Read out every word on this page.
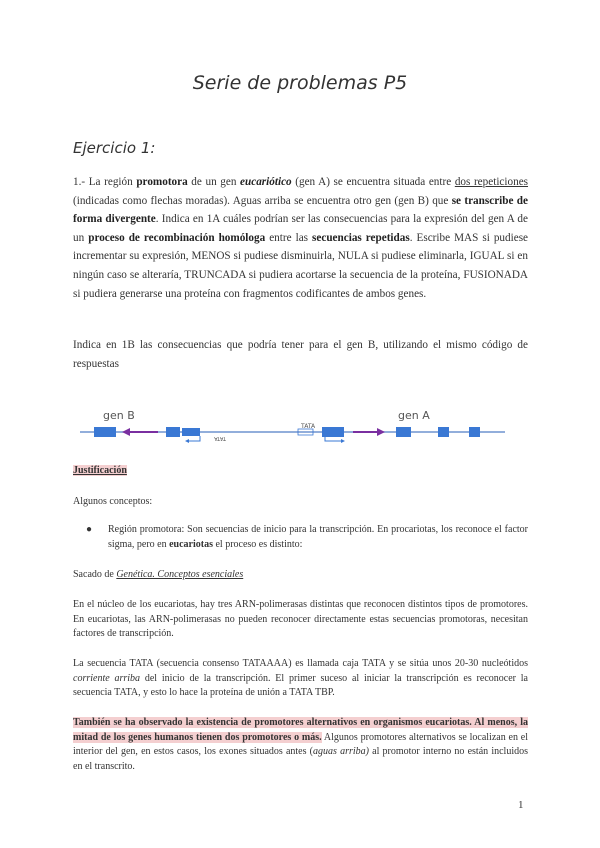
Serie de problemas P5
Ejercicio 1:
1.- La región promotora de un gen eucariótico (gen A) se encuentra situada entre dos repeticiones (indicadas como flechas moradas). Aguas arriba se encuentra otro gen (gen B) que se transcribe de forma divergente. Indica en 1A cuáles podrían ser las consecuencias para la expresión del gen A de un proceso de recombinación homóloga entre las secuencias repetidas. Escribe MAS si pudiese incrementar su expresión, MENOS si pudiese disminuirla, NULA si pudiese eliminarla, IGUAL si en ningún caso se alteraría, TRUNCADA si pudiera acortarse la secuencia de la proteína, FUSIONADA si pudiera generarse una proteína con fragmentos codificantes de ambos genes.
Indica en 1B las consecuencias que podría tener para el gen B, utilizando el mismo código de respuestas
gen B	gen A
TATA
TATA
Justificación
Algunos conceptos:
●	Región promotora: Son secuencias de inicio para la transcripción. En procariotas, los reconoce el factor sigma, pero en eucariotas el proceso es distinto:
Sacado de Genética. Conceptos esenciales
En el núcleo de los eucariotas, hay tres ARN-polimerasas distintas que reconocen distintos tipos de promotores. En eucariotas, las ARN-polimerasas no pueden reconocer directamente estas secuencias promotoras, necesitan factores de transcripción.
La secuencia TATA (secuencia consenso TATAAAA) es llamada caja TATA y se sitúa unos 20-30 nucleótidos corriente arriba del inicio de la transcripción. El primer suceso al iniciar la transcripción es reconocer la secuencia TATA, y esto lo hace la proteína de unión a TATA TBP.
También se ha observado la existencia de promotores alternativos en organismos eucariotas. Al menos, la mitad de los genes humanos tienen dos promotores o más. Algunos promotores alternativos se localizan en el interior del gen, en estos casos, los exones situados antes (aguas arriba) al promotor interno no están incluidos en el transcrito.
1
